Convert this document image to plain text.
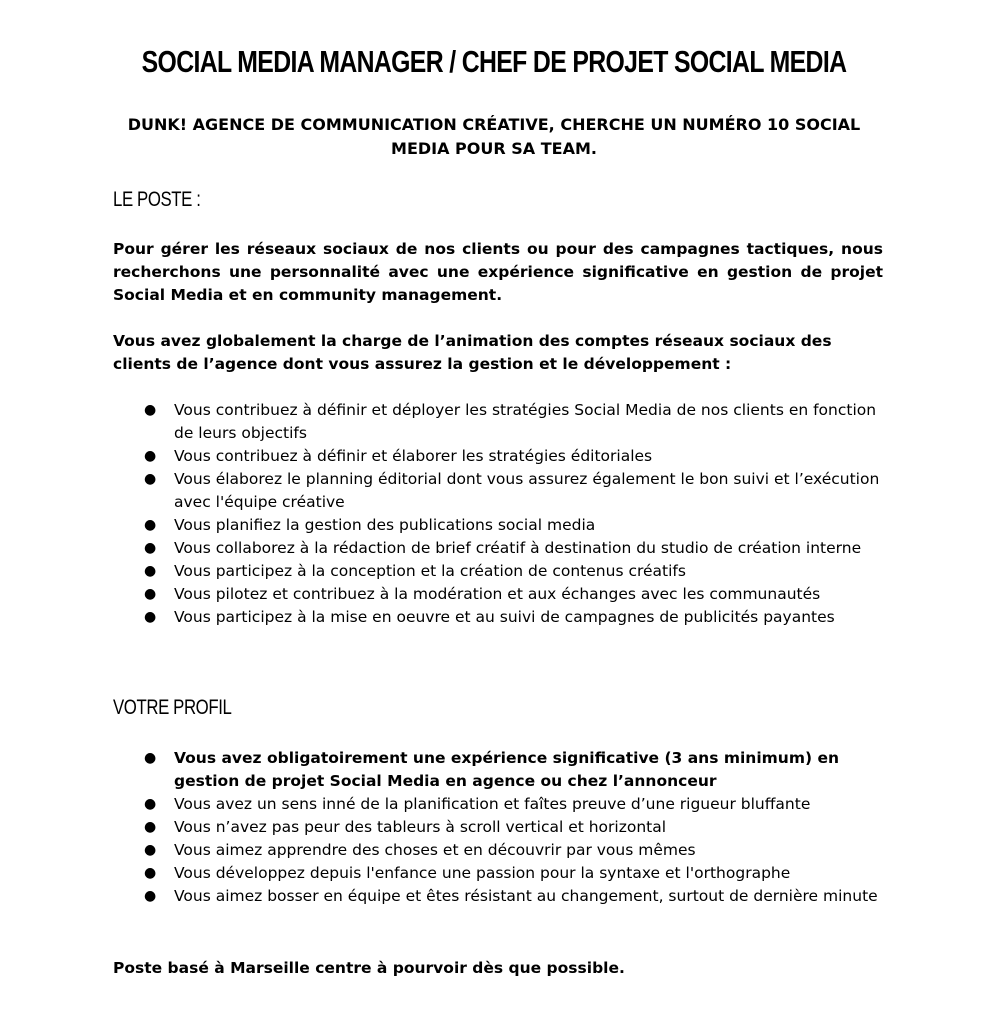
SOCIAL MEDIA MANAGER / CHEF DE PROJET SOCIAL MEDIA
DUNK! AGENCE DE COMMUNICATION CRÉATIVE, CHERCHE UN NUMÉRO 10 SOCIAL MEDIA POUR SA TEAM.
LE POSTE :
Pour gérer les réseaux sociaux de nos clients ou pour des campagnes tactiques, nous recherchons une personnalité avec une expérience significative en gestion de projet Social Media et en community management.
Vous avez globalement la charge de l’animation des comptes réseaux sociaux des clients de l’agence dont vous assurez la gestion et le développement :
● Vous contribuez à définir et déployer les stratégies Social Media de nos clients en fonction de leurs objectifs
● Vous contribuez à définir et élaborer les stratégies éditoriales
● Vous élaborez le planning éditorial dont vous assurez également le bon suivi et l’exécution avec l'équipe créative
● Vous planifiez la gestion des publications social media
● Vous collaborez à la rédaction de brief créatif à destination du studio de création interne
● Vous participez à la conception et la création de contenus créatifs
● Vous pilotez et contribuez à la modération et aux échanges avec les communautés
● Vous participez à la mise en oeuvre et au suivi de campagnes de publicités payantes
VOTRE PROFIL
● Vous avez obligatoirement une expérience significative (3 ans minimum) en gestion de projet Social Media en agence ou chez l’annonceur
● Vous avez un sens inné de la planification et faîtes preuve d’une rigueur bluffante
● Vous n’avez pas peur des tableurs à scroll vertical et horizontal
● Vous aimez apprendre des choses et en découvrir par vous mêmes
● Vous développez depuis l'enfance une passion pour la syntaxe et l'orthographe
● Vous aimez bosser en équipe et êtes résistant au changement, surtout de dernière minute
Poste basé à Marseille centre à pourvoir dès que possible.
